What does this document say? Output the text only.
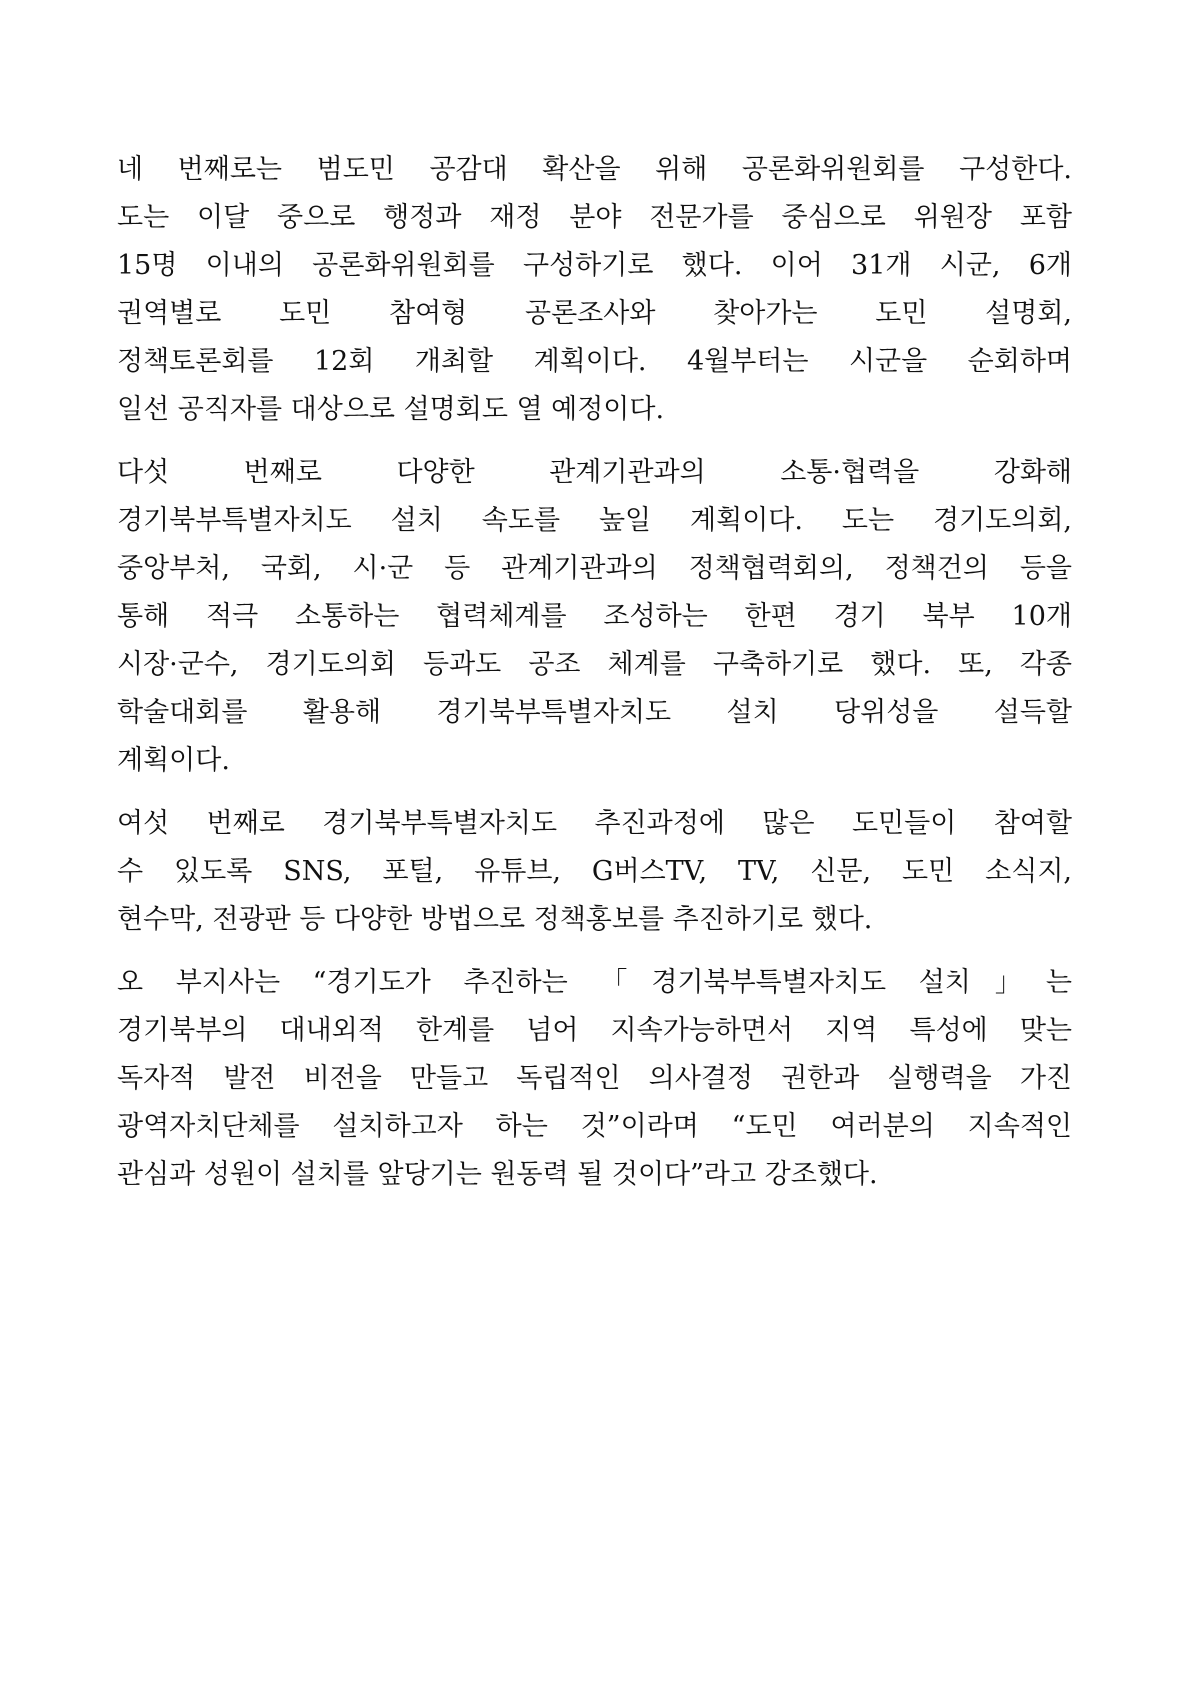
네 번째로는 범도민 공감대 확산을 위해 공론화위원회를 구성한다.
도는 이달 중으로 행정과 재정 분야 전문가를 중심으로 위원장 포함
15명 이내의 공론화위원회를 구성하기로 했다. 이어 31개 시군, 6개
권역별로 도민 참여형 공론조사와 찾아가는 도민 설명회,
정책토론회를 12회 개최할 계획이다. 4월부터는 시군을 순회하며
일선 공직자를 대상으로 설명회도 열 예정이다.
다섯 번째로 다양한 관계기관과의 소통·협력을 강화해
경기북부특별자치도 설치 속도를 높일 계획이다. 도는 경기도의회,
중앙부처, 국회, 시·군 등 관계기관과의 정책협력회의, 정책건의 등을
통해 적극 소통하는 협력체계를 조성하는 한편 경기 북부 10개
시장·군수, 경기도의회 등과도 공조 체계를 구축하기로 했다. 또, 각종
학술대회를 활용해 경기북부특별자치도 설치 당위성을 설득할
계획이다.
여섯 번째로 경기북부특별자치도 추진과정에 많은 도민들이 참여할
수 있도록 SNS, 포털, 유튜브, G버스TV, TV, 신문, 도민 소식지,
현수막, 전광판 등 다양한 방법으로 정책홍보를 추진하기로 했다.
오 부지사는 “경기도가 추진하는 「경기북부특별자치도 설치」는
경기북부의 대내외적 한계를 넘어 지속가능하면서 지역 특성에 맞는
독자적 발전 비전을 만들고 독립적인 의사결정 권한과 실행력을 가진
광역자치단체를 설치하고자 하는 것”이라며 “도민 여러분의 지속적인
관심과 성원이 설치를 앞당기는 원동력 될 것이다”라고 강조했다.
